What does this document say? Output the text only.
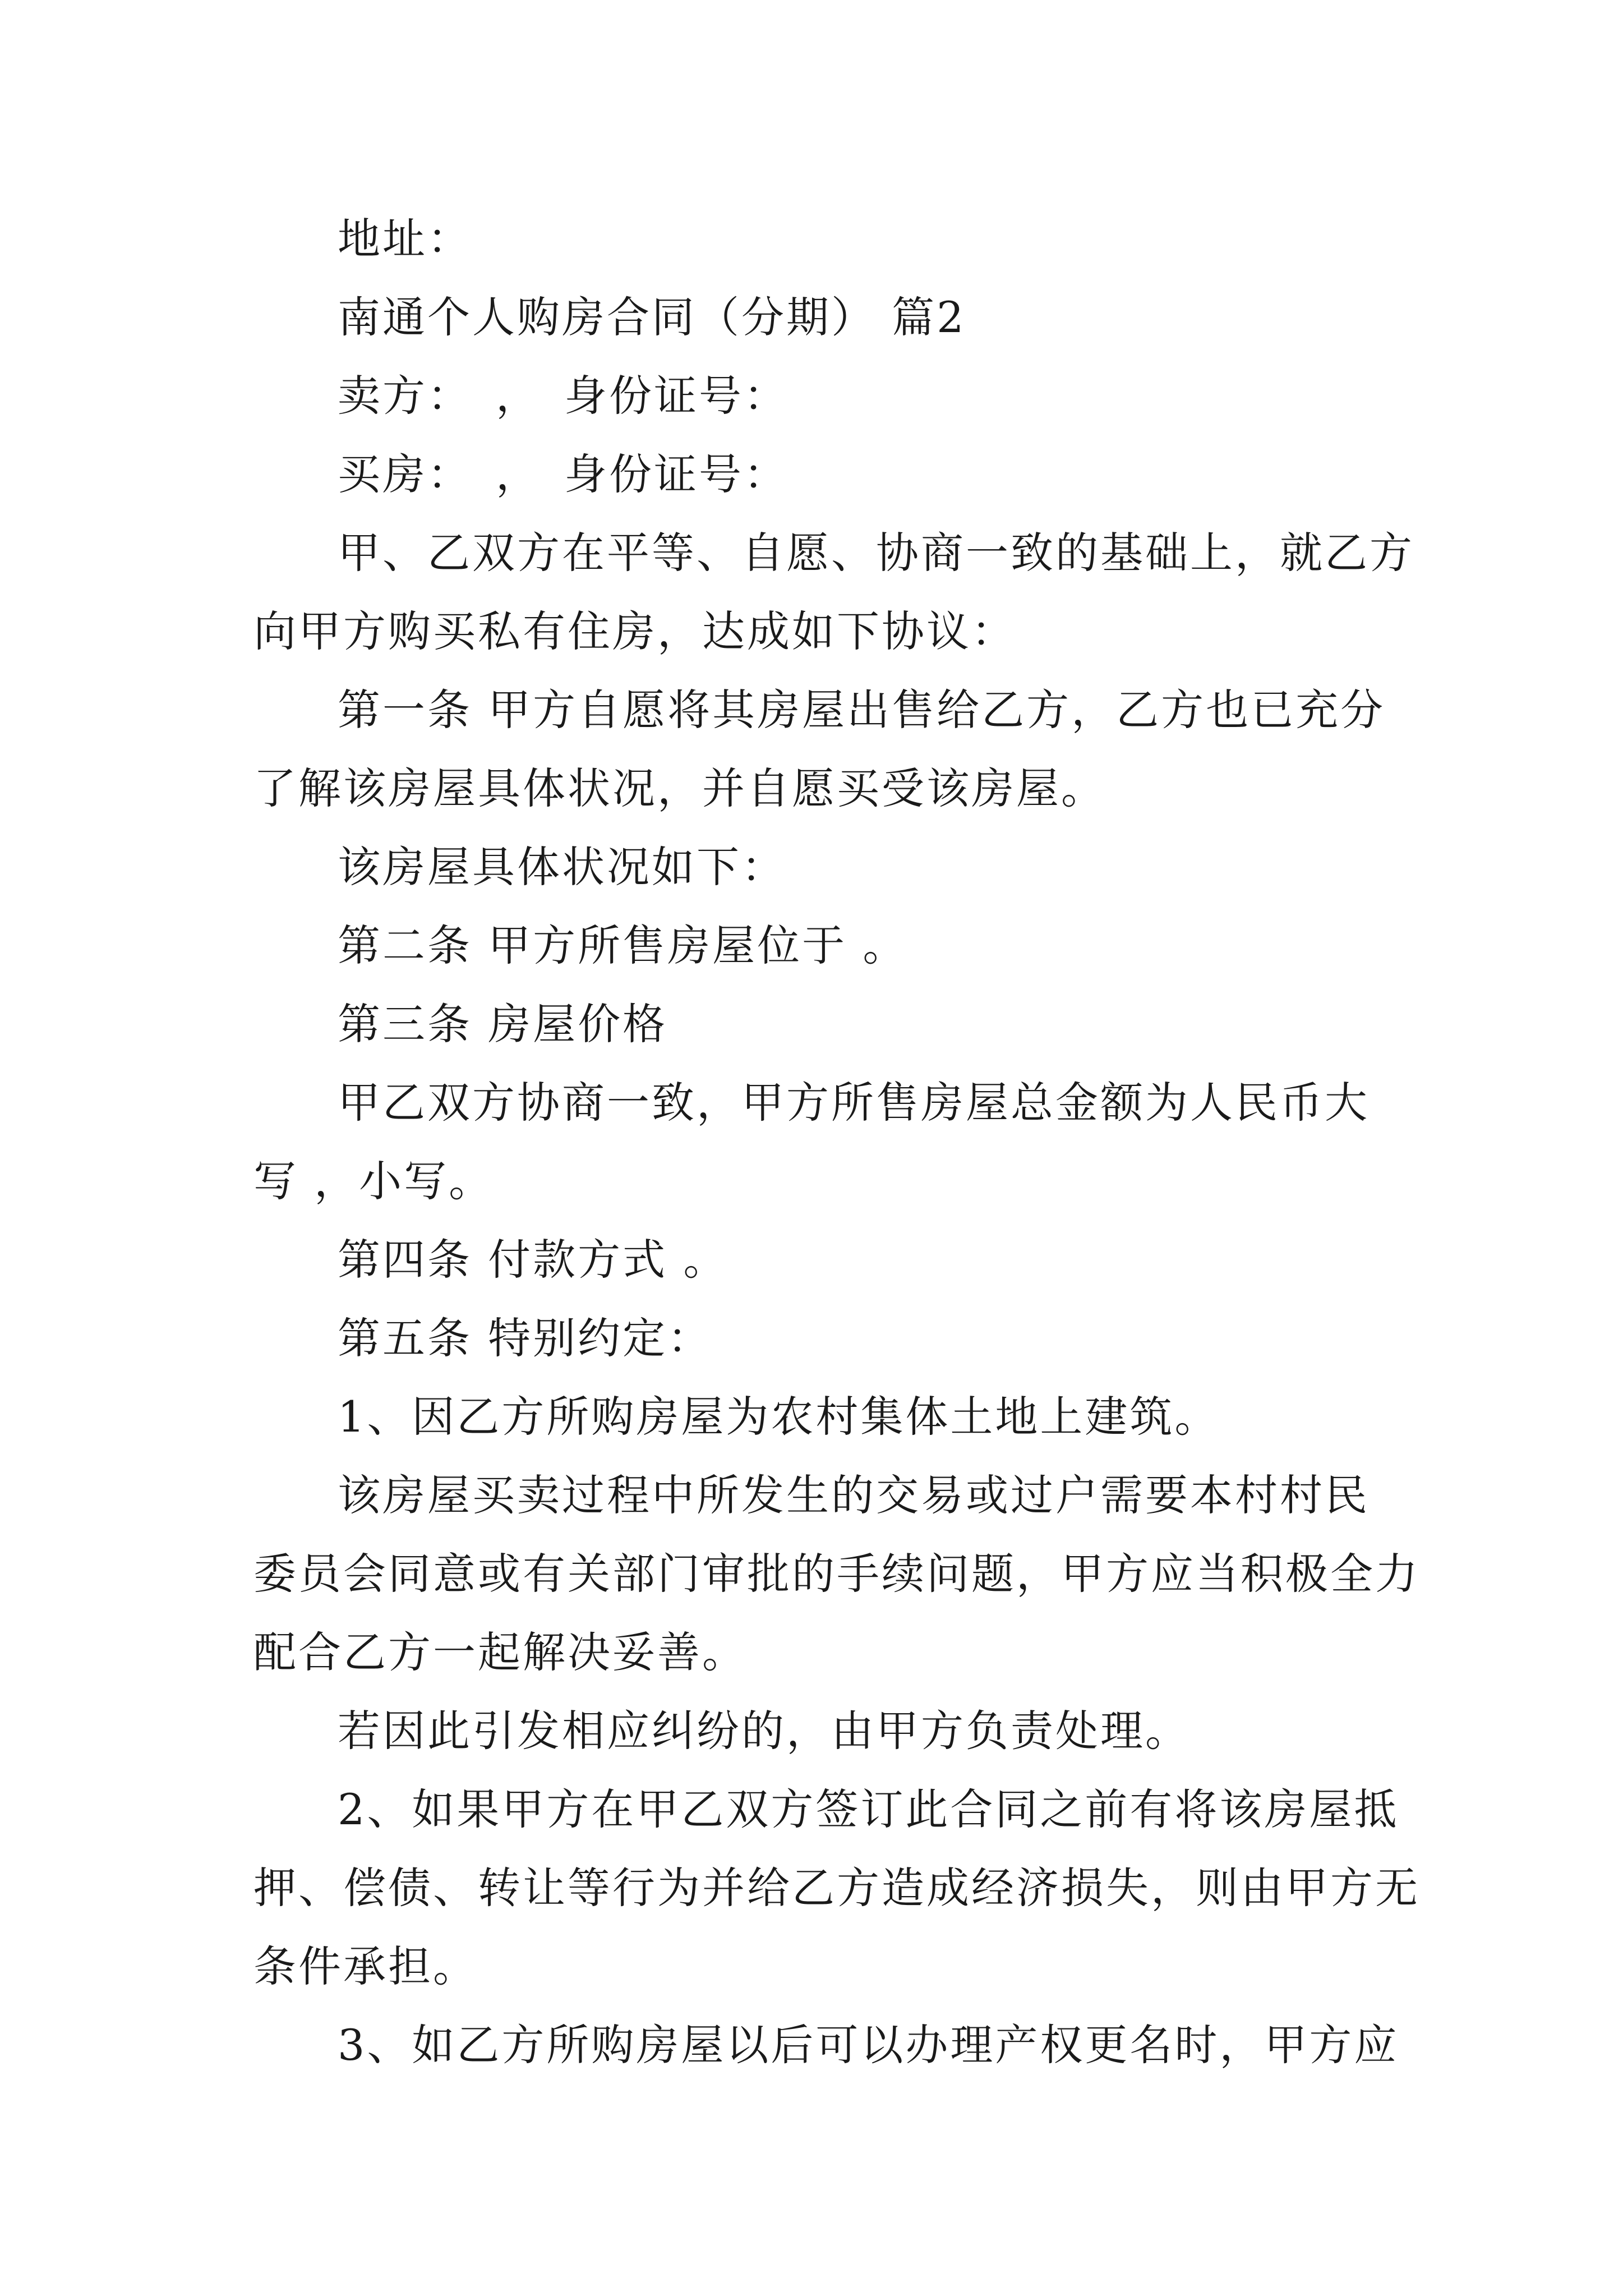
地址：

南通个人购房合同（分期） 篇2

卖方：　，　身份证号：

买房：　，　身份证号：

甲、乙双方在平等、自愿、协商一致的基础上，就乙方

向甲方购买私有住房，达成如下协议：

第一条 甲方自愿将其房屋出售给乙方，乙方也已充分

了解该房屋具体状况，并自愿买受该房屋。

该房屋具体状况如下：

第二条 甲方所售房屋位于 。

第三条 房屋价格

甲乙双方协商一致，甲方所售房屋总金额为人民币大

写 ，小写。

第四条 付款方式 。

第五条 特别约定：

1、因乙方所购房屋为农村集体土地上建筑。

该房屋买卖过程中所发生的交易或过户需要本村村民

委员会同意或有关部门审批的手续问题，甲方应当积极全力

配合乙方一起解决妥善。

若因此引发相应纠纷的，由甲方负责处理。

2、如果甲方在甲乙双方签订此合同之前有将该房屋抵

押、偿债、转让等行为并给乙方造成经济损失，则由甲方无

条件承担。

3、如乙方所购房屋以后可以办理产权更名时，甲方应
